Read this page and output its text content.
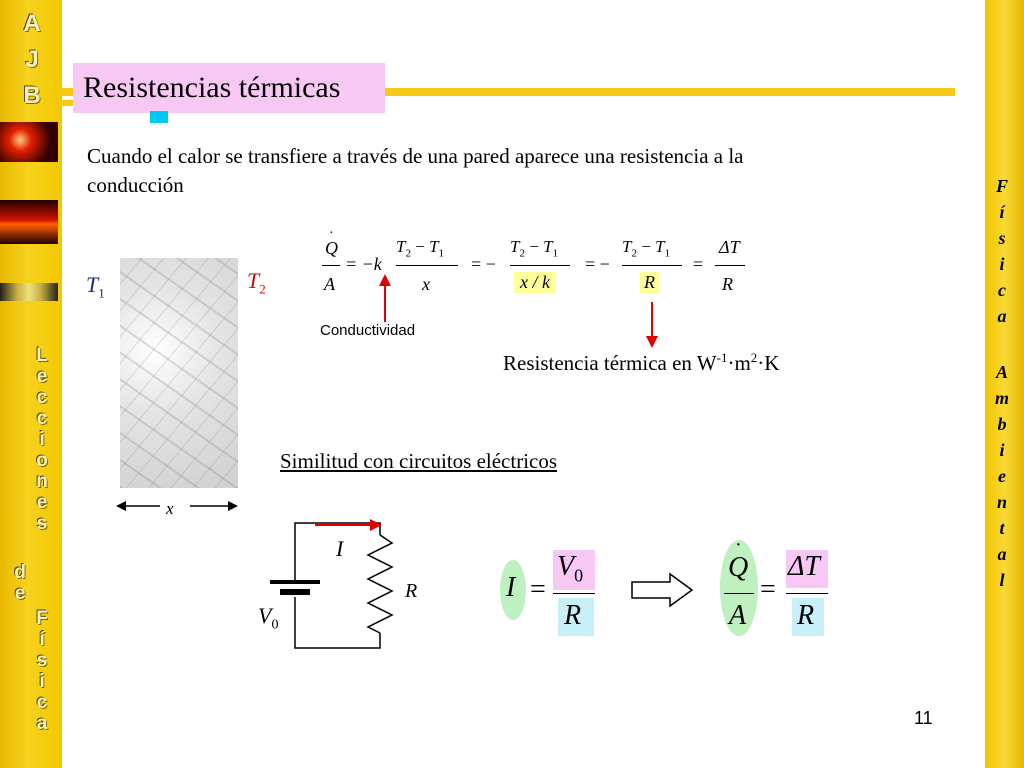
A
J
B
L
e
c
c
i
o
n
e
s
d
e
F
í
s
i
c
a
F
í
s
i
c
a
A
m
b
i
e
n
t
a
l
Resistencias térmicas
Cuando el calor se transfiere a través de una pared aparece una resistencia a la
conducción
$T_1$	$T_2$
x
Q
·
A
= −k
$T_2 - T_1$
x
= −
$T_2 - T_1$
x / k
= −
$T_2 - T_1$
R
=
ΔT
R
Conductividad
Resistencia térmica en $W^{-1}\cdot m^2\cdot K$
Similitud con circuitos eléctricos
I
R
$V_0$
I =
$V_0$
R
·
Q
A
=
ΔT
R
11
